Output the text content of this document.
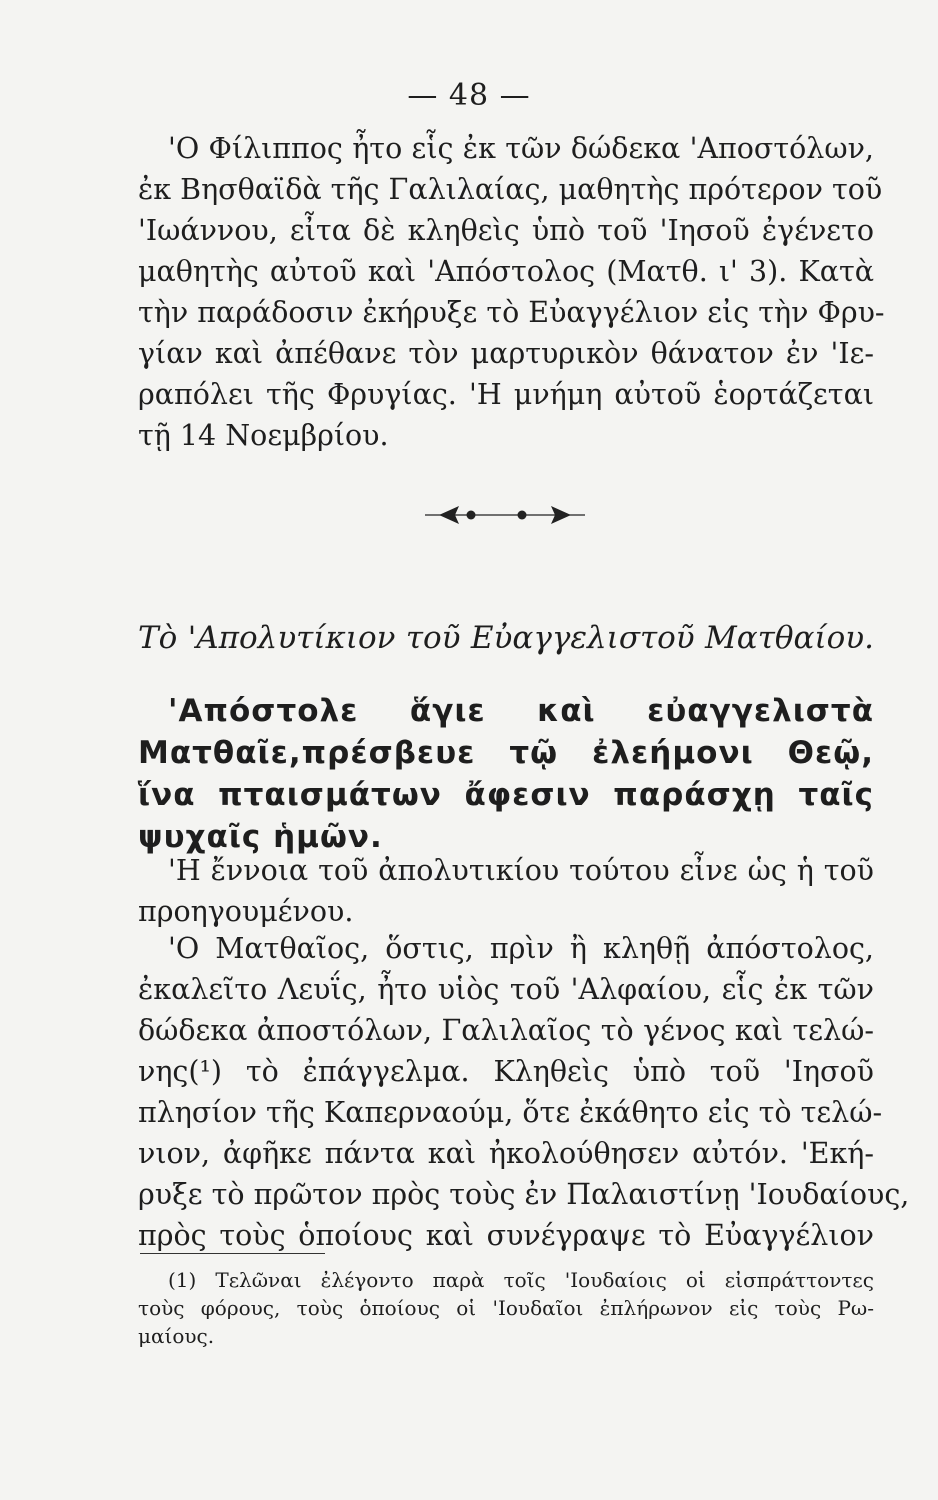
— 48 —
'Ο Φίλιππος ἦτο εἷς ἐκ τῶν δώδεκα 'Αποστόλων,
ἐκ Βησθαϊδὰ τῆς Γαλιλαίας, μαθητὴς πρότερον τοῦ
'Ιωάννου, εἶτα δὲ κληθεὶς ὑπὸ τοῦ 'Ιησοῦ ἐγένετο
μαθητὴς αὐτοῦ καὶ 'Απόστολος (Ματθ. ι' 3). Κατὰ
τὴν παράδοσιν ἐκήρυξε τὸ Εὐαγγέλιον εἰς τὴν Φρυ-
γίαν καὶ ἀπέθανε τὸν μαρτυρικὸν θάνατον ἐν 'Ιε-
ραπόλει τῆς Φρυγίας. 'Η μνήμη αὐτοῦ ἑορτάζεται
τῇ 14 Νοεμβρίου.
Τὸ 'Απολυτίκιον τοῦ Εὐαγγελιστοῦ Ματθαίου.
'Απόστολε ἅγιε καὶ εὐαγγελιστὰ
Ματθαῖε,πρέσβευε τῷ ἐλεήμονι Θεῷ,
ἵνα πταισμάτων ἄφεσιν παράσχῃ ταῖς
ψυχαῖς ἡμῶν.
'Η ἔννοια τοῦ ἀπολυτικίου τούτου εἶνε ὡς ἡ τοῦ
προηγουμένου.
'Ο Ματθαῖος, ὅστις, πρὶν ἢ κληθῇ ἀπόστολος,
ἐκαλεῖτο Λευΐς, ἦτο υἱὸς τοῦ 'Αλφαίου, εἷς ἐκ τῶν
δώδεκα ἀποστόλων, Γαλιλαῖος τὸ γένος καὶ τελώ-
νης(¹) τὸ ἐπάγγελμα. Κληθεὶς ὑπὸ τοῦ 'Ιησοῦ
πλησίον τῆς Καπερναούμ, ὅτε ἐκάθητο εἰς τὸ τελώ-
νιον, ἀφῆκε πάντα καὶ ἠκολούθησεν αὐτόν. 'Εκή-
ρυξε τὸ πρῶτον πρὸς τοὺς ἐν Παλαιστίνῃ 'Ιουδαίους,
πρὸς τοὺς ὁποίους καὶ συνέγραψε τὸ Εὐαγγέλιον
(1) Τελῶναι ἐλέγοντο παρὰ τοῖς 'Ιουδαίοις οἱ εἰσπράττοντες
τοὺς φόρους, τοὺς ὁποίους οἱ 'Ιουδαῖοι ἐπλήρωνον εἰς τοὺς Ρω-
μαίους.
